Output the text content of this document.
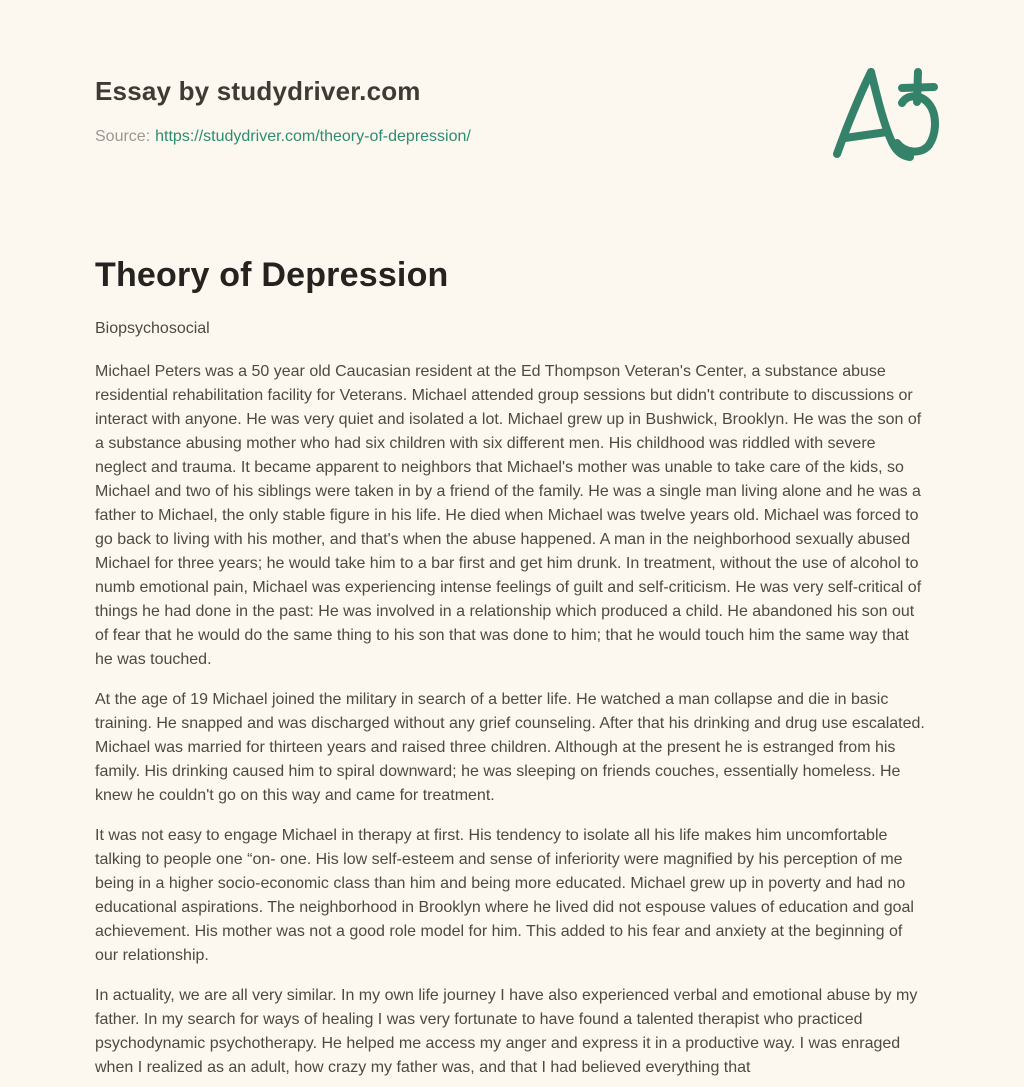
Essay by studydriver.com

Source: https://studydriver.com/theory-of-depression/

Theory of Depression

Biopsychosocial

Michael Peters was a 50 year old Caucasian resident at the Ed Thompson Veteran's Center, a substance abuse residential rehabilitation facility for Veterans. Michael attended group sessions but didn't contribute to discussions or interact with anyone. He was very quiet and isolated a lot. Michael grew up in Bushwick, Brooklyn. He was the son of a substance abusing mother who had six children with six different men. His childhood was riddled with severe neglect and trauma. It became apparent to neighbors that Michael's mother was unable to take care of the kids, so Michael and two of his siblings were taken in by a friend of the family. He was a single man living alone and he was a father to Michael, the only stable figure in his life. He died when Michael was twelve years old. Michael was forced to go back to living with his mother, and that's when the abuse happened. A man in the neighborhood sexually abused Michael for three years; he would take him to a bar first and get him drunk. In treatment, without the use of alcohol to numb emotional pain, Michael was experiencing intense feelings of guilt and self-criticism. He was very self-critical of things he had done in the past: He was involved in a relationship which produced a child. He abandoned his son out of fear that he would do the same thing to his son that was done to him; that he would touch him the same way that he was touched.

At the age of 19 Michael joined the military in search of a better life. He watched a man collapse and die in basic training. He snapped and was discharged without any grief counseling. After that his drinking and drug use escalated. Michael was married for thirteen years and raised three children. Although at the present he is estranged from his family. His drinking caused him to spiral downward; he was sleeping on friends couches, essentially homeless. He knew he couldn't go on this way and came for treatment.

It was not easy to engage Michael in therapy at first. His tendency to isolate all his life makes him uncomfortable talking to people one “on- one. His low self-esteem and sense of inferiority were magnified by his perception of me being in a higher socio-economic class than him and being more educated. Michael grew up in poverty and had no educational aspirations. The neighborhood in Brooklyn where he lived did not espouse values of education and goal achievement. His mother was not a good role model for him. This added to his fear and anxiety at the beginning of our relationship.

In actuality, we are all very similar. In my own life journey I have also experienced verbal and emotional abuse by my father. In my search for ways of healing I was very fortunate to have found a talented therapist who practiced psychodynamic psychotherapy. He helped me access my anger and express it in a productive way. I was enraged when I realized as an adult, how crazy my father was, and that I had believed everything that
